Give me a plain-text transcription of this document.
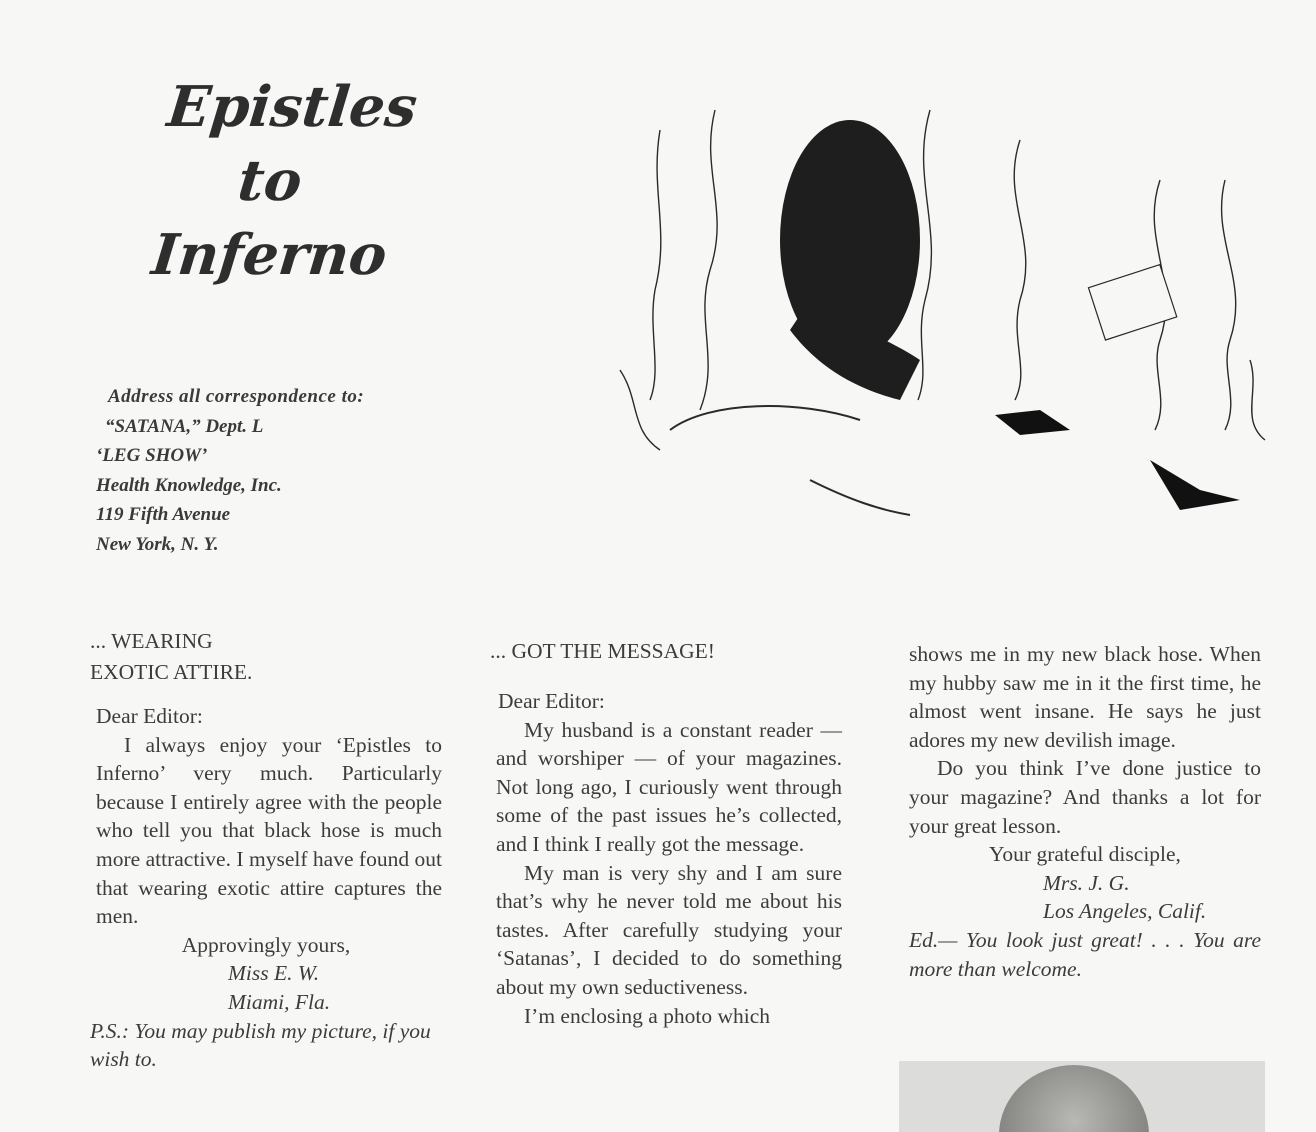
Epistles
to
Inferno
Address all correspondence to:
“SATANA,” Dept. L
‘LEG SHOW’
Health Knowledge, Inc.
119 Fifth Avenue
New York, N. Y.

... WEARING

EXOTIC ATTIRE.

Dear Editor:

I always enjoy your ‘Epistles to Inferno’ very much. Particularly because I entirely agree with the people who tell you that black hose is much more attractive. I myself have found out that wearing exotic attire captures the men.

Approvingly yours,

Miss E. W.

Miami, Fla.

P.S.: You may publish my picture, if you wish to.

... GOT THE MESSAGE!

Dear Editor:

My husband is a constant reader — and worshiper — of your magazines. Not long ago, I curiously went through some of the past issues he’s collected, and I think I really got the message.

My man is very shy and I am sure that’s why he never told me about his tastes. After carefully studying your ‘Satanas’, I decided to do something about my own seductiveness.

I’m enclosing a photo which

shows me in my new black hose. When my hubby saw me in it the first time, he almost went insane. He says he just adores my new devilish image.

Do you think I’ve done justice to your magazine? And thanks a lot for your great lesson.

Your grateful disciple,

Mrs. J. G.

Los Angeles, Calif.

Ed.— You look just great! . . . You are more than welcome.
